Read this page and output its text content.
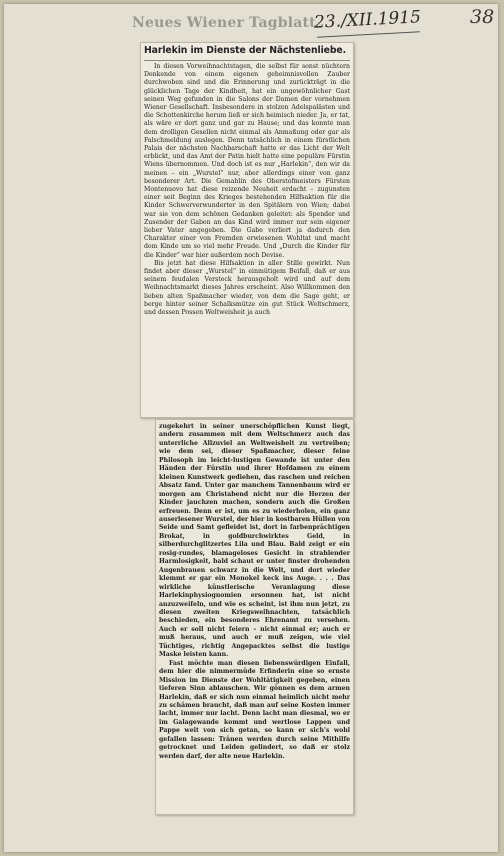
Neues Wiener Tagblatt
23./XII.1915	38
Harlekin im Dienste der Nächstenliebe.

In diesen Vorweihnachtstagen, die selbst für sonst nüchtern Denkende von einem eigenen geheimnisvollen Zauber durchwoben sind und die Erinnerung und zurückträgt in die glücklichen Tage der Kindheit, hat ein ungewöhnlicher Gast seinen Weg gefunden in die Salons der Damen der vornehmen Wiener Gesellschaft. Insbesondere in stolzen Adelspalästen und die Schottenkirche herum ließ er sich heimisch nieder. Ja, er tat, als wäre er dort ganz und gar zu Hause; und das konnte man dem drolligen Gesellen nicht einmal als Anmaßung oder gar als Falschmeldung auslegen. Denn tatsächlich in einem fürstlichen Palais der nächsten Nachbarschaft hatte er das Licht der Welt erblickt, und das Amt der Patin hielt hatte eine populäre Fürstin Wiens übernommen. Und doch ist es nur „Harlekin“, den wir da meinen – ein „Wurstel“ nur, aber allerdings einer von ganz besonderer Art. Die Gemahlin des Oberstofmeisters Fürsten Montenuovo hat diese reizende Neuheit erdacht – zugunsten einer seit Beginn des Krieges bestehenden Hilfsaktion für die Kinder Schwerverwunderter in den Spitälern von Wien; dabei war sie von dem schönen Gedanken geleitet: als Spender und Zusender der Gaben an das Kind wird immer nur sein eigener lieber Vater angegeben. Die Gabe verliert ja dadurch den Charakter einer von Fremden erwiesenen Wohltat und macht dem Kinde um so viel mehr Freude. Und „Durch die Kinder für die Kinder“ war hier außerdem noch Devise.

Bis jetzt hat diese Hilfsaktion in aller Stille gewirkt. Nun findet aber dieser „Wurstel“ in einmütigem Beifall, daß er aus seinem feudalen Versteck herausgeholt wird und auf dem Weihnachtsmarkt dieses Jahres erscheint. Also Willkommen den lieben alten Spaßmacher wieder, von dem die Sage geht, er berge hinter seiner Schalksmütze ein gut Stück Weltschmerz, und dessen Possen Weltweisheit ja auch

zugekehrt in seiner unerschöpflichen Kunst liegt, andern zusammen mit dem Weltschmerz auch das unterrliche Allzuviel an Weltweisheit zu vertreiben; wie dem sei, dieser Spaßmacher, dieser feine Philosoph im leicht-lustigen Gewande ist unter den Händen der Fürstin und ihrer Hofdamen zu einem kleinen Kunstwerk gediehen, das raschen und reichen Absatz fand. Unter gar manchem Tannenbaum wird er morgen am Christabend nicht nur die Herzen der Kinder jauchzen machen, sondern auch die Großen erfreuen. Denn er ist, um es zu wiederholen, ein ganz auserlesener Wurstel, der hier in kostbaren Hüllen von Seide und Samt gefleidet ist, dort in farbenprächtigen Brokat, in goldburchwirktes Geld, in silberdurchglitzertes Lila und Blau. Bald zeigt er ein rosig-rundes, blamageloses Gesicht in strahlender Harmlosigkeit, bald schaut er unter finster drohenden Augenbrauen schwarz in die Welt, und dort wieder klemmt er gar ein Monokel keck ins Auge. . . . Das wirkliche künstlerische Veranlagung diese Harlekinphysiognomien ersonnen hat, ist nicht anzuzweifeln, und wie es scheint, ist ihm nun jetzt, zu diesen zweiten Kriegsweihnachten, tatsächlich beschieden, ein besonderes Ehrenamt zu versehen. Auch er soll nicht feiern – nicht einmal er; auch er muß heraus, und auch er muß zeigen, wie viel Tüchtiges, richtig Angepacktes selbst die lustige Maske leisten kann.

Fast möchte man diesen liebenswürdigen Einfall, dem hier die nimmermüde Erfinderin eine so ernste Mission im Dienste der Wohltätigkeit gegeben, einen tieferen Sinn ablauschen. Wir gönnen es dem armen Harlekin, daß er sich nun einmal heimlich nicht mehr zu schämen braucht, daß man auf seine Kosten immer lacht, immer nur lacht. Denn lacht man diesmal, wo er im Galagewande kommt und wertlose Lappen und Pappe weit von sich getan, so kann er sich's wohl gefallen lassen: Tränen werden durch seine Mithilfe getrocknet und Leiden gelindert, so daß er stolz werden darf, der alte neue Harlekin.
